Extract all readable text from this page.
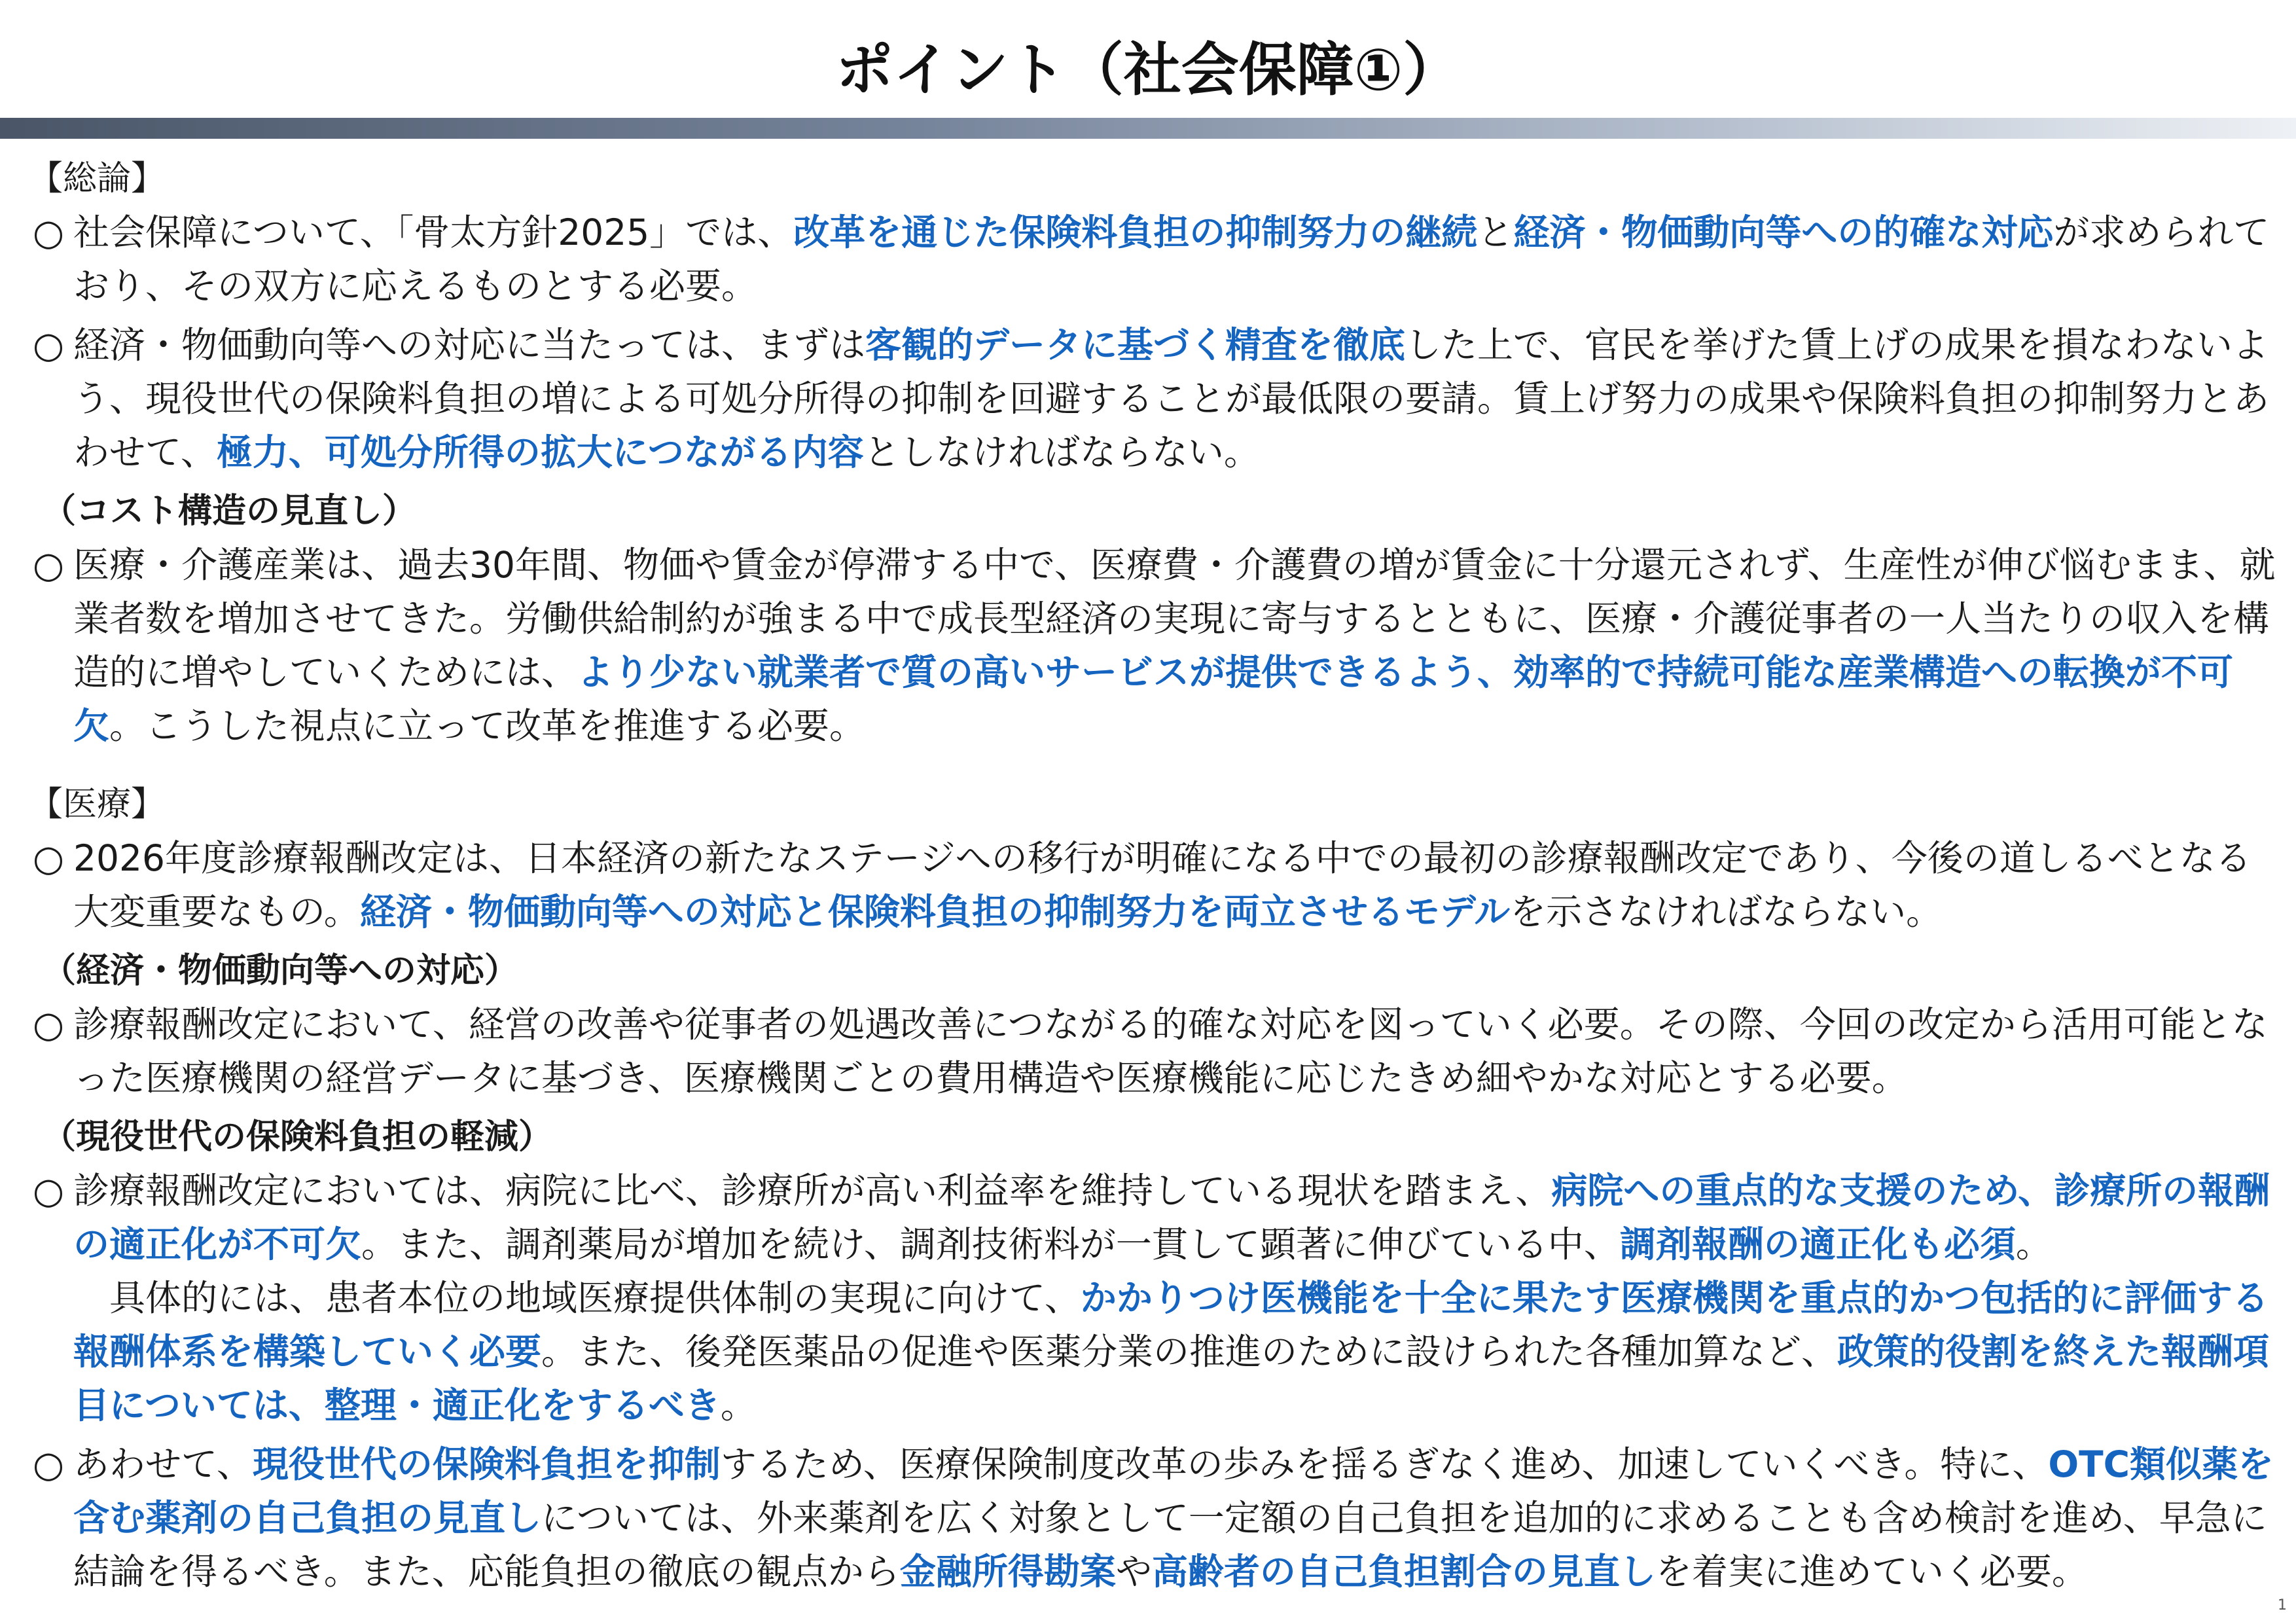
ポイント（社会保障①）
【総論】
○ 社会保障について、「骨太方針2025」では、改革を通じた保険料負担の抑制努力の継続と経済・物価動向等への的確な対応が求められており、その双方に応えるものとする必要。
○ 経済・物価動向等への対応に当たっては、まずは客観的データに基づく精査を徹底した上で、官民を挙げた賃上げの成果を損なわないよう、現役世代の保険料負担の増による可処分所得の抑制を回避することが最低限の要請。賃上げ努力の成果や保険料負担の抑制努力とあわせて、極力、可処分所得の拡大につながる内容としなければならない。
（コスト構造の見直し）
○ 医療・介護産業は、過去30年間、物価や賃金が停滞する中で、医療費・介護費の増が賃金に十分還元されず、生産性が伸び悩むまま、就業者数を増加させてきた。労働供給制約が強まる中で成長型経済の実現に寄与するとともに、医療・介護従事者の一人当たりの収入を構造的に増やしていくためには、より少ない就業者で質の高いサービスが提供できるよう、効率的で持続可能な産業構造への転換が不可欠。こうした視点に立って改革を推進する必要。
【医療】
○ 2026年度診療報酬改定は、日本経済の新たなステージへの移行が明確になる中での最初の診療報酬改定であり、今後の道しるべとなる大変重要なもの。経済・物価動向等への対応と保険料負担の抑制努力を両立させるモデルを示さなければならない。
（経済・物価動向等への対応）
○ 診療報酬改定において、経営の改善や従事者の処遇改善につながる的確な対応を図っていく必要。その際、今回の改定から活用可能となった医療機関の経営データに基づき、医療機関ごとの費用構造や医療機能に応じたきめ細やかな対応とする必要。
（現役世代の保険料負担の軽減）
○ 診療報酬改定においては、病院に比べ、診療所が高い利益率を維持している現状を踏まえ、病院への重点的な支援のため、診療所の報酬の適正化が不可欠。また、調剤薬局が増加を続け、調剤技術料が一貫して顕著に伸びている中、調剤報酬の適正化も必須。
具体的には、患者本位の地域医療提供体制の実現に向けて、かかりつけ医機能を十全に果たす医療機関を重点的かつ包括的に評価する報酬体系を構築していく必要。また、後発医薬品の促進や医薬分業の推進のために設けられた各種加算など、政策的役割を終えた報酬項目については、整理・適正化をするべき。
○ あわせて、現役世代の保険料負担を抑制するため、医療保険制度改革の歩みを揺るぎなく進め、加速していくべき。特に、OTC類似薬を含む薬剤の自己負担の見直しについては、外来薬剤を広く対象として一定額の自己負担を追加的に求めることも含め検討を進め、早急に結論を得るべき。また、応能負担の徹底の観点から金融所得勘案や高齢者の自己負担割合の見直しを着実に進めていく必要。
1
